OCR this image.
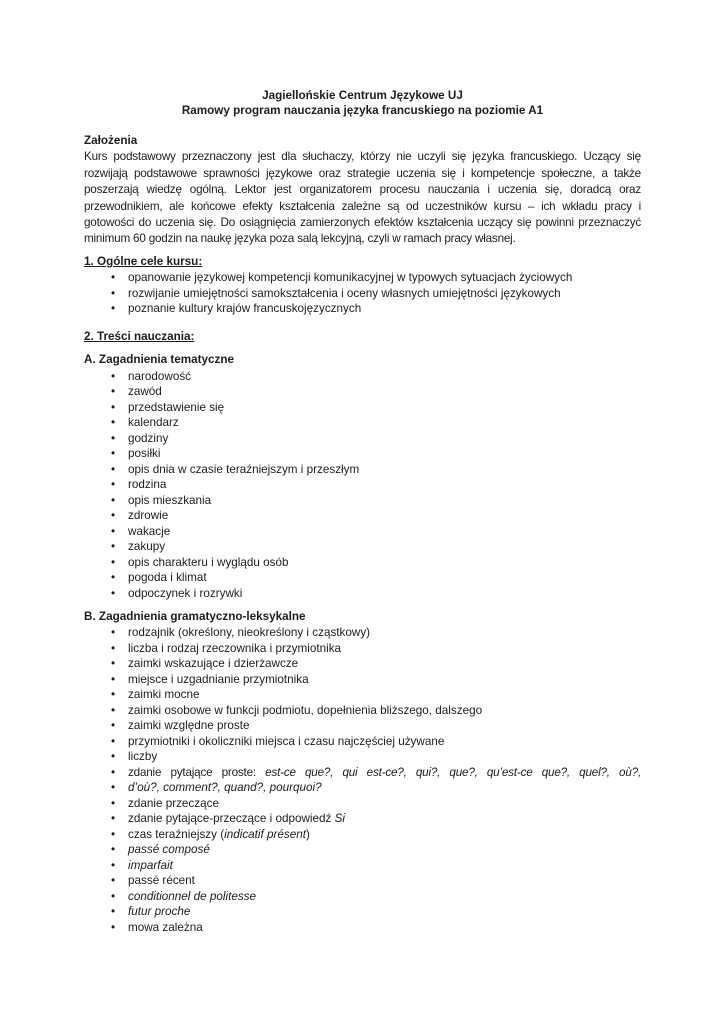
Jagiellońskie Centrum Językowe UJ
Ramowy program nauczania języka francuskiego na poziomie A1
Założenia

Kurs podstawowy przeznaczony jest dla słuchaczy, którzy nie uczyli się języka francuskiego. Uczący się rozwijają podstawowe sprawności językowe oraz strategie uczenia się i kompetencje społeczne, a także poszerzają wiedzę ogólną. Lektor jest organizatorem procesu nauczania i uczenia się, doradcą oraz przewodnikiem, ale końcowe efekty kształcenia zależne są od uczestników kursu – ich wkładu pracy i gotowości do uczenia się. Do osiągnięcia zamierzonych efektów kształcenia uczący się powinni przeznaczyć minimum 60 godzin na naukę języka poza salą lekcyjną, czyli w ramach pracy własnej.

1. Ogólne cele kursu:
• opanowanie językowej kompetencji komunikacyjnej w typowych sytuacjach życiowych
• rozwijanie umiejętności samokształcenia i oceny własnych umiejętności językowych
• poznanie kultury krajów francuskojęzycznych
2. Treści nauczania:
A. Zagadnienia tematyczne
• narodowość
• zawód
• przedstawienie się
• kalendarz
• godziny
• posiłki
• opis dnia w czasie teraźniejszym i przeszłym
• rodzina
• opis mieszkania
• zdrowie
• wakacje
• zakupy
• opis charakteru i wyglądu osób
• pogoda i klimat
• odpoczynek i rozrywki
B. Zagadnienia gramatyczno-leksykalne
• rodzajnik (określony, nieokreślony i cząstkowy)
• liczba i rodzaj rzeczownika i przymiotnika
• zaimki wskazujące i dzierżawcze
• miejsce i uzgadnianie przymiotnika
• zaimki mocne
• zaimki osobowe w funkcji podmiotu, dopełnienia bliższego, dalszego
• zaimki względne proste
• przymiotniki i okoliczniki miejsca i czasu najczęściej używane
• liczby
• zdanie pytające proste: est-ce que?, qui est-ce?, qui?, que?, qu’est-ce que?, quel?, où?,
• d’où?, comment?, quand?, pourquoi?
• zdanie przeczące
• zdanie pytające-przeczące i odpowiedź Si
• czas teraźniejszy (indicatif présent)
• passé composé
• imparfait
• passé récent
• conditionnel de politesse
• futur proche
• mowa zależna
